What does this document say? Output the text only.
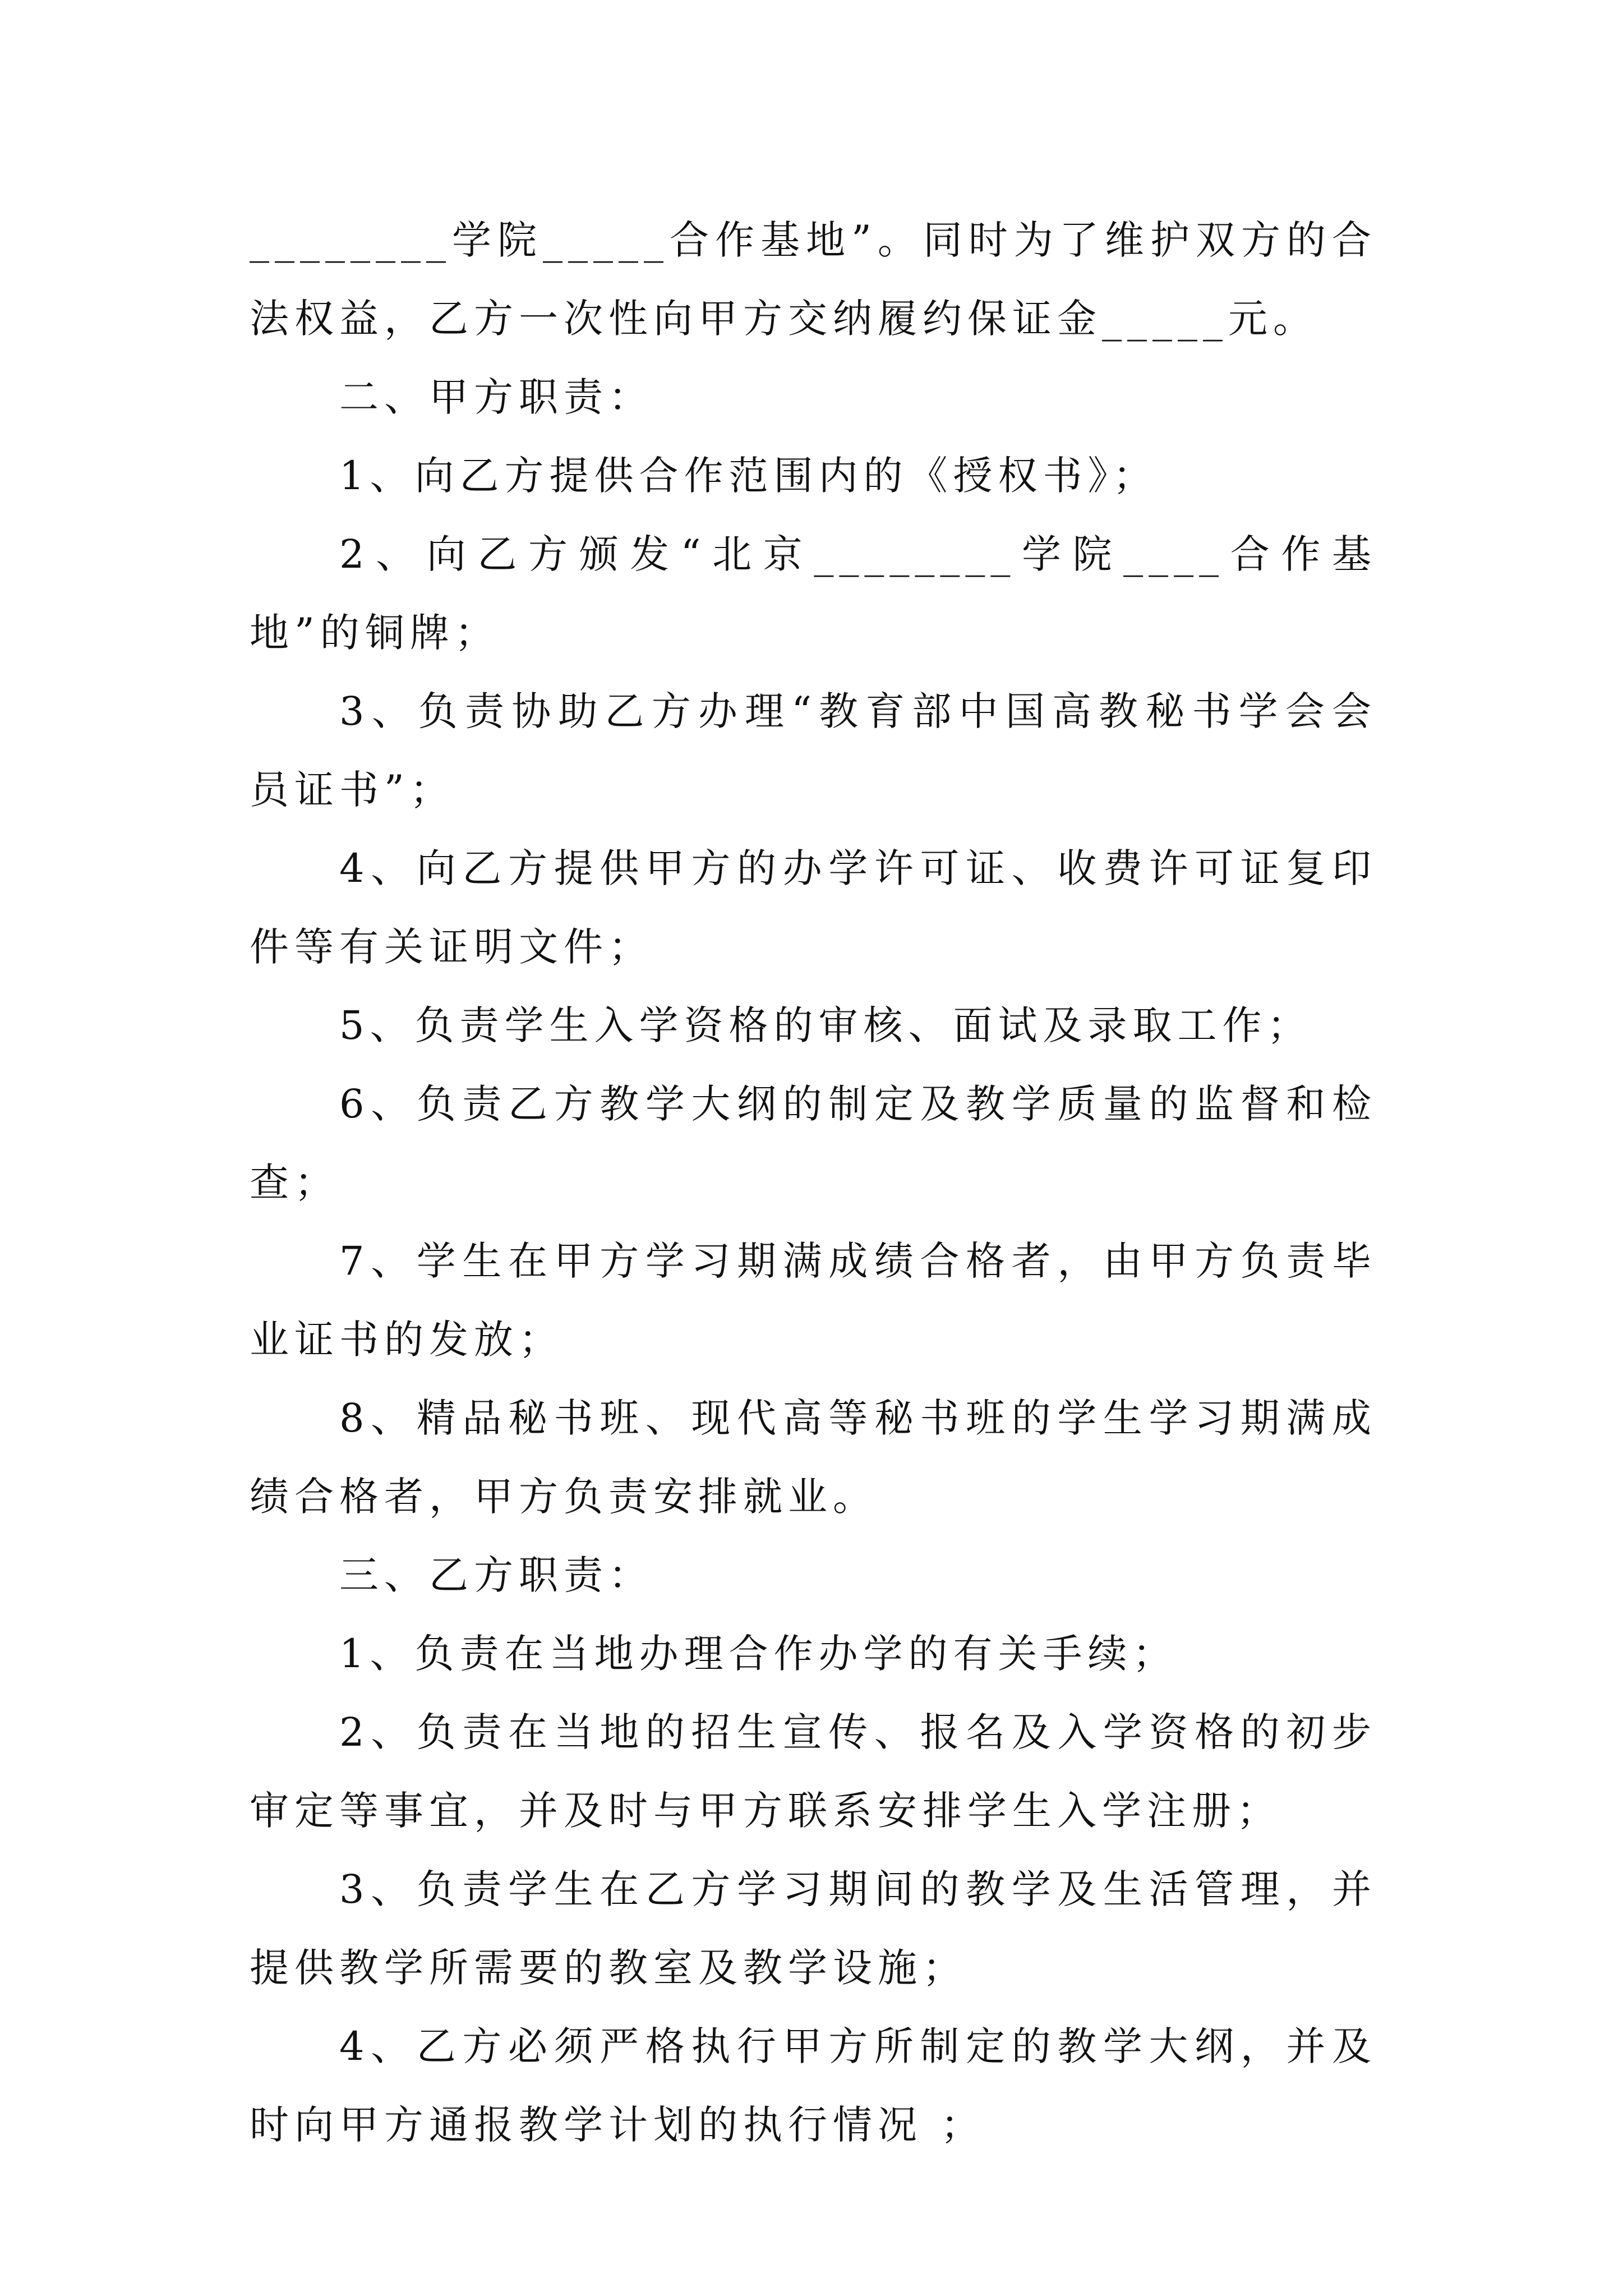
________学院_____合作基地”。同时为了维护双方的合法权益，乙方一次性向甲方交纳履约保证金_____元。

二、甲方职责：

1、向乙方提供合作范围内的《授权书》；

2、向乙方颁发“北京________学院____合作基地”的铜牌；

3、负责协助乙方办理“教育部中国高教秘书学会会员证书”；

4、向乙方提供甲方的办学许可证、收费许可证复印件等有关证明文件；

5、负责学生入学资格的审核、面试及录取工作；

6、负责乙方教学大纲的制定及教学质量的监督和检查；

7、学生在甲方学习期满成绩合格者，由甲方负责毕业证书的发放；

8、精品秘书班、现代高等秘书班的学生学习期满成绩合格者，甲方负责安排就业。

三、乙方职责：

1、负责在当地办理合作办学的有关手续；

2、负责在当地的招生宣传、报名及入学资格的初步审定等事宜，并及时与甲方联系安排学生入学注册；

3、负责学生在乙方学习期间的教学及生活管理，并提供教学所需要的教室及教学设施；

4、乙方必须严格执行甲方所制定的教学大纲，并及时向甲方通报教学计划的执行情况 ；
